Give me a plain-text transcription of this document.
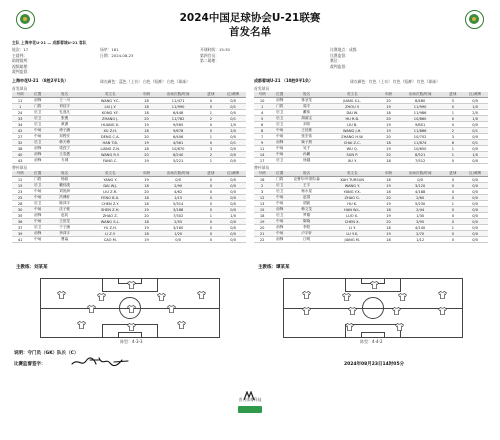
2024中国足球协会U-21联赛
首发名单
主队 上海申花U-21 — 成都蓉城U-21 客队
轮次：17	场序：181	开球时间：15:30	比赛地点：成都
主裁判：	日期：2024-08-23	第四官员：	比赛监督：
助理裁判：	第二助理：	赛区：
视频助理：	裁判监督：
裁判监督：
上海申花U-21 （8胜2平1负）	球衣颜色：蓝色（上衣） 白色（短裤） 白色（球袜）	成都蓉城U-21 （10胜0平1负）	球衣颜色：红色（上衣） 红色（短裤） 红色（球袜）
首发球员	首发球员
号码	位置	姓名	英文名	年龄	出场次数/时间	进球	红/黄牌
11	前锋	王一川	WANG Y.C.	18	11/471	0	0/0
1	门将	刘佳宇	LIU J.Y.	18	11/990	0	0/1
24	后卫	孔逸凡	KONG Y.F.	18	6/448	1	0/0
33	后卫	张俊	ZHANG J.	20	11/782	2	0/1
34	后卫	黄潇	HUANG X.	19	9/565	0	1/0
42	中场	徐子涵	XU Z.H.	18	9/678	0	2/0
27	中场	邓程安	DENG C.A.	20	6/406	1	0/0
32	后卫	韩天博	HAN T.B.	19	4/361	0	0/1
38	前锋	梁孜宁	LIANG Z.N.	18	10/870	3	0/0
40	前锋	王若愚	WANG R.Y.	20	6/240	2	0/0
43	前锋	方城	FANG C.	19	5/221	1	0/0
号码	位置	姓名	英文名	年龄	出场次数/时间	进球	红/黄牌
10	前锋	蒋圣龙	JIANG S.L.	20	8/480	5	0/0
1	门将	周宇	ZHOU Y.	19	11/990	0	1/0
4	后卫	戴伟	DAI W.	18	11/986	1	2/0
5	后卫	胡睿宝	HU R.B.	20	10/860	0	1/0
6	后卫	刘邦	LIU B.	19	9/801	0	0/0
8	中场	王佳豪	WANG J.H.	19	11/866	2	0/1
7	中场	张宏伟	ZHANG H.W.	20	10/702	3	0/0
9	前锋	柴子晨	CHAI Z.C.	18	11/874	6	0/1
11	中场	吴千	WU Q.	19	10/650	1	0/0
14	中场	孙鹏	SUN P.	20	8/521	1	1/0
17	后卫	徐越	XU Y.	18	7/512	0	0/0
替补球员	替补球员
号码	位置	姓名	英文名	年龄	出场次数/时间	进球	红/黄牌
12	门将	杨韵	YANG Y.	19	0/0	0	0/0
15	后卫	戴伟浚	DAI W.J.	18	2/90	0	0/0
23	中场	刘祝润	LIU Z.R.	20	4/62	0	0/0
25	中场	冯博轩	FENG B.X.	18	1/15	0	0/0
28	后卫	陈泽宇	CHEN Z.Y.	18	5/314	0	0/0
30	中场	沈子豪	SHEN Z.H.	19	3/188	0	0/0
35	前锋	赵钊	ZHAO Z.	20	7/302	1	1/0
36	中场	王世龙	WANG S.L.	18	2/55	0	0/0
37	后卫	于子涵	YU Z.H.	19	3/160	0	0/0
39	前锋	李泽宇	LI Z.Y.	18	1/20	0	0/0
41	中场	曹淼	CAO M.	19	0/0	0	0/0
号码	位置	姓名	英文名	年龄	出场次数/时间	进球	红/黄牌
16	门将	克鲁尔玛·图尔森	KAH TURSUN	18	0/0	0	0/0
2	后卫	王宇	WANG Y.	19	3/120	0	0/0
3	后卫	杨永星	YANG Y.X.	18	4/188	0	0/0
12	中场	赵国	ZHAO G.	20	2/60	0	0/0
13	中场	胡凯	HU K.	19	5/230	1	0/0
15	前锋	韩文龙	HAN W.L.	18	2/44	0	0/0
18	后卫	罗雄	LUO X.	19	1/30	0	0/0
19	中场	陈晓	CHEN X.	20	3/95	0	0/0
20	前锋	李阳	LI Y.	18	4/140	1	0/0
21	中场	卢宇轩	LU Y.X.	19	2/70	0	0/0
22	前锋	江明	JIANG M.	18	1/12	0	0/0
主教练：刘某某	主教练：谭某某
阵型：4-3-3	阵型：4-4-2
说明：守门员（GK）队长（C）
比赛监督签字：	2024年08月23日14时05分
晋力体育科技
